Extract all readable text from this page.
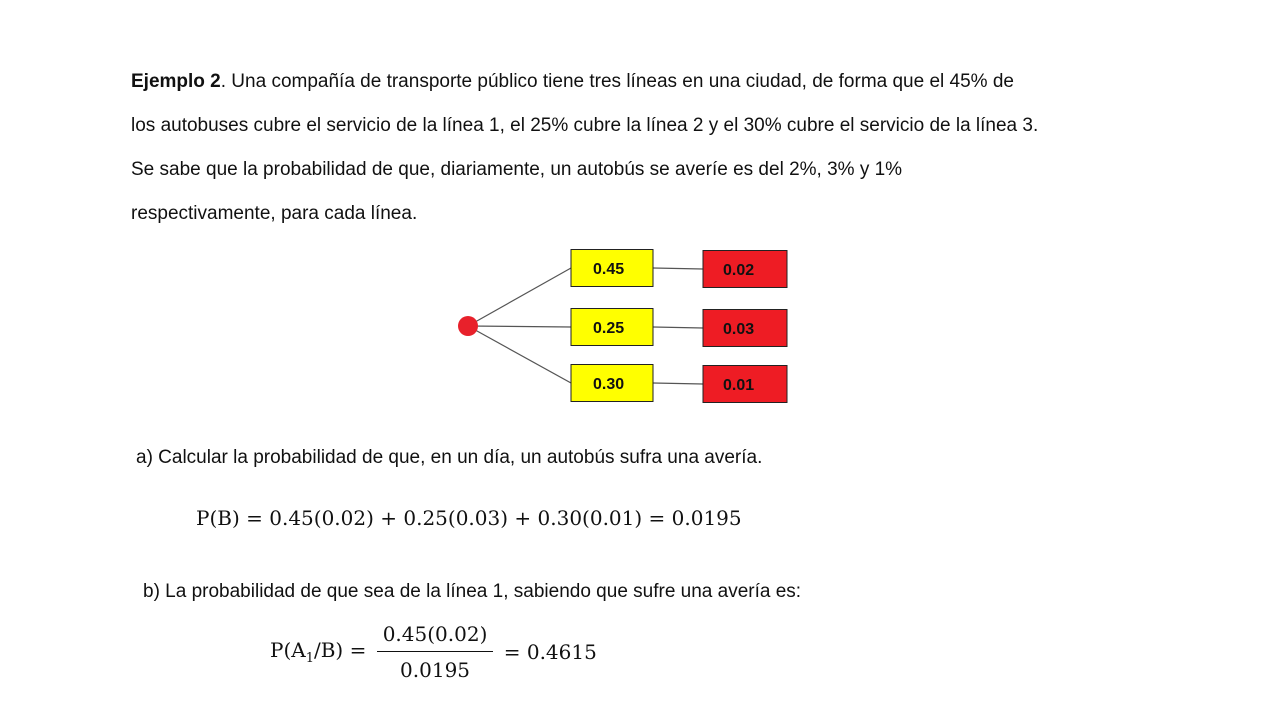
Ejemplo 2. Una compañía de transporte público tiene tres líneas en una ciudad, de forma que el 45% de
los autobuses cubre el servicio de la línea 1, el 25% cubre la línea 2 y el 30% cubre el servicio de la línea 3.
Se sabe que la probabilidad de que, diariamente, un autobús se averíe es del 2%, 3% y 1%
respectivamente, para cada línea.
0.45	0.02
0.25	0.03
0.30	0.01

a) Calcular la probabilidad de que, en un día, un autobús sufra una avería.

P(B) = 0.45(0.02) + 0.25(0.03) + 0.30(0.01) = 0.0195

b) La probabilidad de que sea de la línea 1, sabiendo que sufre una avería es:

$P(A_1/B) = \frac{0.45(0.02)}{0.0195} = 0.4615$
